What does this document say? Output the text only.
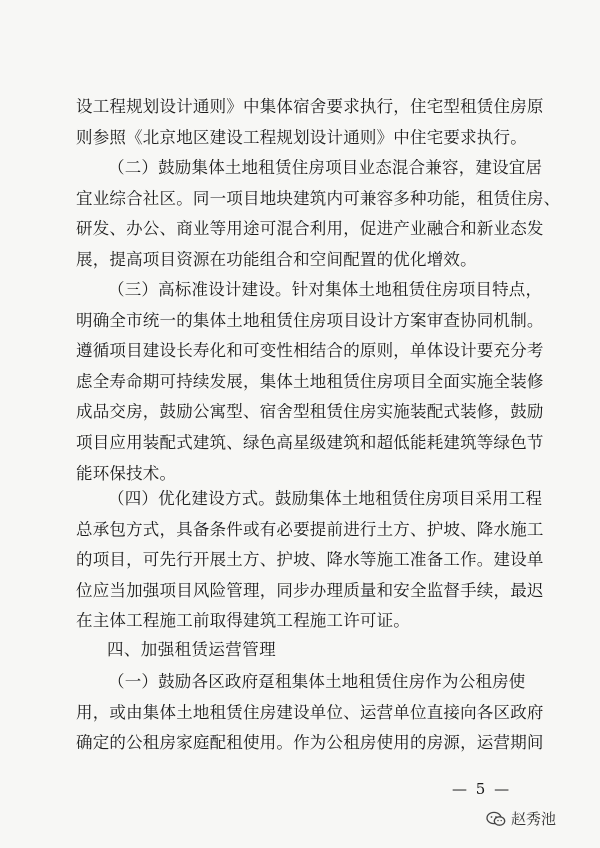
设工程规划设计通则》中集体宿舍要求执行，住宅型租赁住房原
则参照《北京地区建设工程规划设计通则》中住宅要求执行。
（二）鼓励集体土地租赁住房项目业态混合兼容，建设宜居
宜业综合社区。同一项目地块建筑内可兼容多种功能，租赁住房、
研发、办公、商业等用途可混合利用，促进产业融合和新业态发
展，提高项目资源在功能组合和空间配置的优化增效。
（三）高标准设计建设。针对集体土地租赁住房项目特点，
明确全市统一的集体土地租赁住房项目设计方案审查协同机制。
遵循项目建设长寿化和可变性相结合的原则，单体设计要充分考
虑全寿命期可持续发展，集体土地租赁住房项目全面实施全装修
成品交房，鼓励公寓型、宿舍型租赁住房实施装配式装修，鼓励
项目应用装配式建筑、绿色高星级建筑和超低能耗建筑等绿色节
能环保技术。
（四）优化建设方式。鼓励集体土地租赁住房项目采用工程
总承包方式，具备条件或有必要提前进行土方、护坡、降水施工
的项目，可先行开展土方、护坡、降水等施工准备工作。建设单
位应当加强项目风险管理，同步办理质量和安全监督手续，最迟
在主体工程施工前取得建筑工程施工许可证。
四、加强租赁运营管理
（一）鼓励各区政府趸租集体土地租赁住房作为公租房使
用，或由集体土地租赁住房建设单位、运营单位直接向各区政府
确定的公租房家庭配租使用。作为公租房使用的房源，运营期间
— 5 —
赵秀池
